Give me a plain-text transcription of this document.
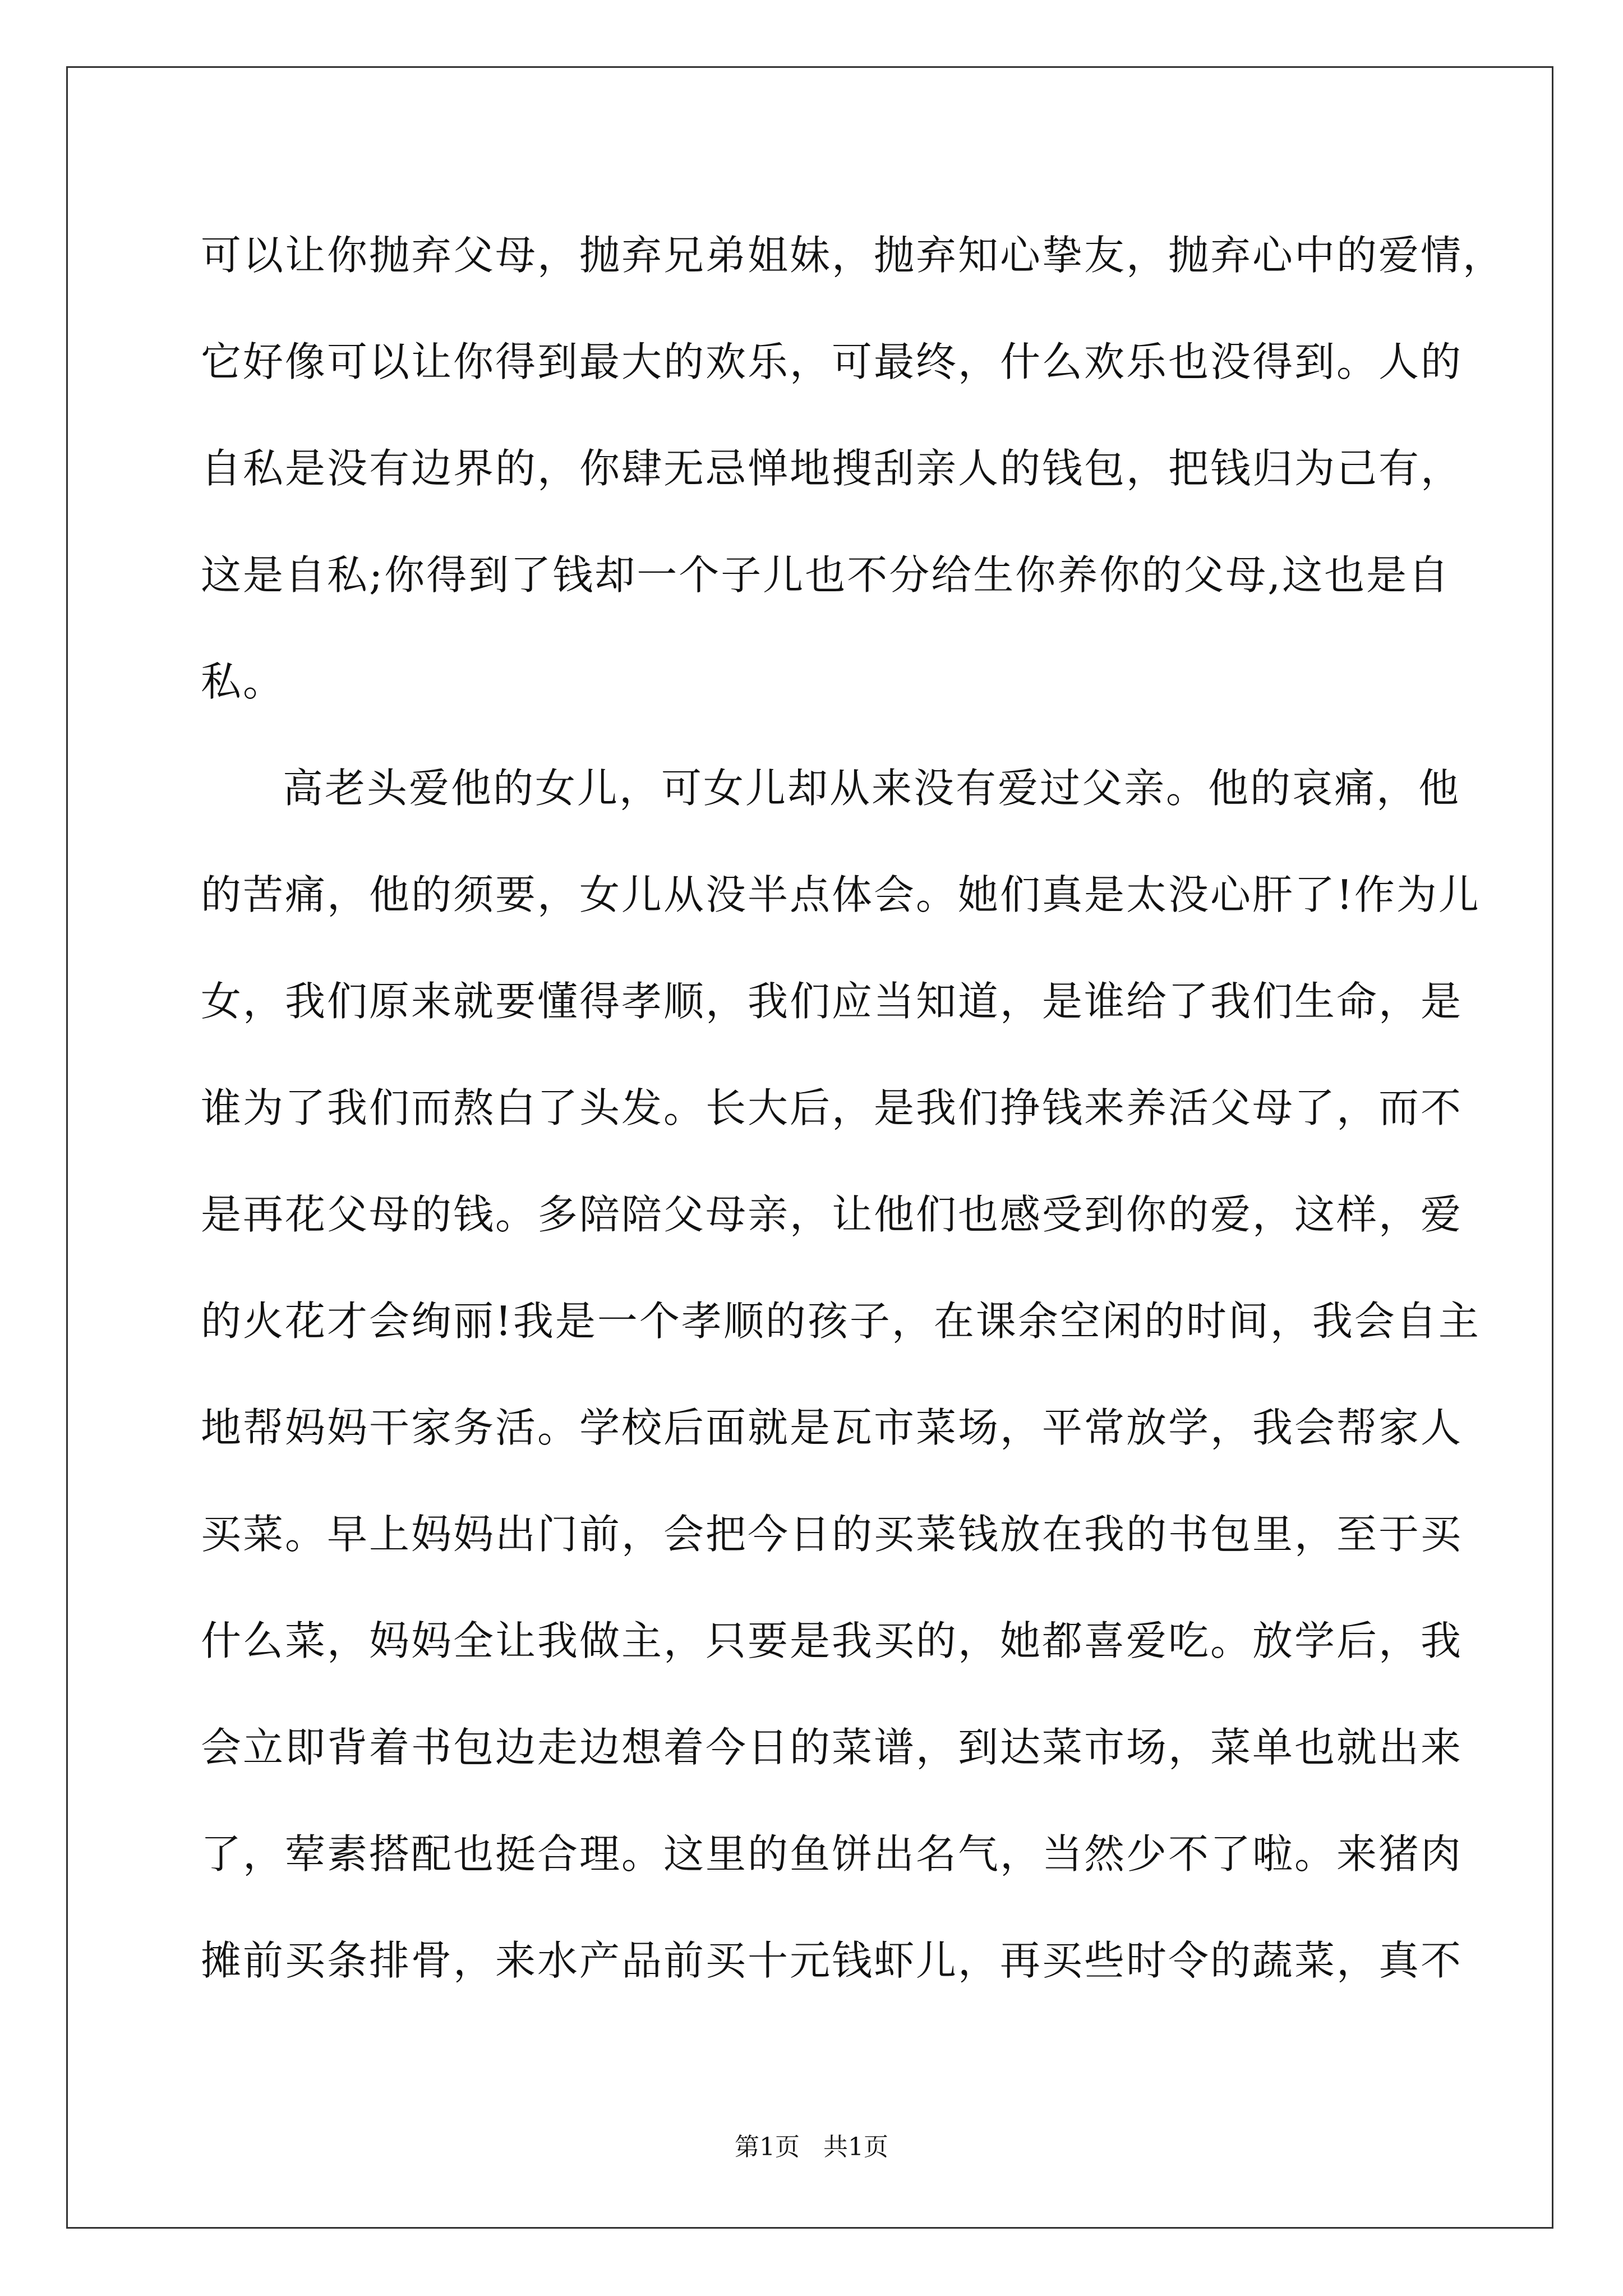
可以让你抛弃父母，抛弃兄弟姐妹，抛弃知心挚友，抛弃心中的爱情，
它好像可以让你得到最大的欢乐，可最终，什么欢乐也没得到。人的
自私是没有边界的，你肆无忌惮地搜刮亲人的钱包，把钱归为己有，
这是自私;你得到了钱却一个子儿也不分给生你养你的父母,这也是自
私。
高老头爱他的女儿，可女儿却从来没有爱过父亲。他的哀痛，他
的苦痛，他的须要，女儿从没半点体会。她们真是太没心肝了!作为儿
女，我们原来就要懂得孝顺，我们应当知道，是谁给了我们生命，是
谁为了我们而熬白了头发。长大后，是我们挣钱来养活父母了，而不
是再花父母的钱。多陪陪父母亲，让他们也感受到你的爱，这样，爱
的火花才会绚丽!我是一个孝顺的孩子，在课余空闲的时间，我会自主
地帮妈妈干家务活。学校后面就是瓦市菜场，平常放学，我会帮家人
买菜。早上妈妈出门前，会把今日的买菜钱放在我的书包里，至于买
什么菜，妈妈全让我做主，只要是我买的，她都喜爱吃。放学后，我
会立即背着书包边走边想着今日的菜谱，到达菜市场，菜单也就出来
了，荤素搭配也挺合理。这里的鱼饼出名气，当然少不了啦。来猪肉
摊前买条排骨，来水产品前买十元钱虾儿，再买些时令的蔬菜，真不
第1页   共1页
